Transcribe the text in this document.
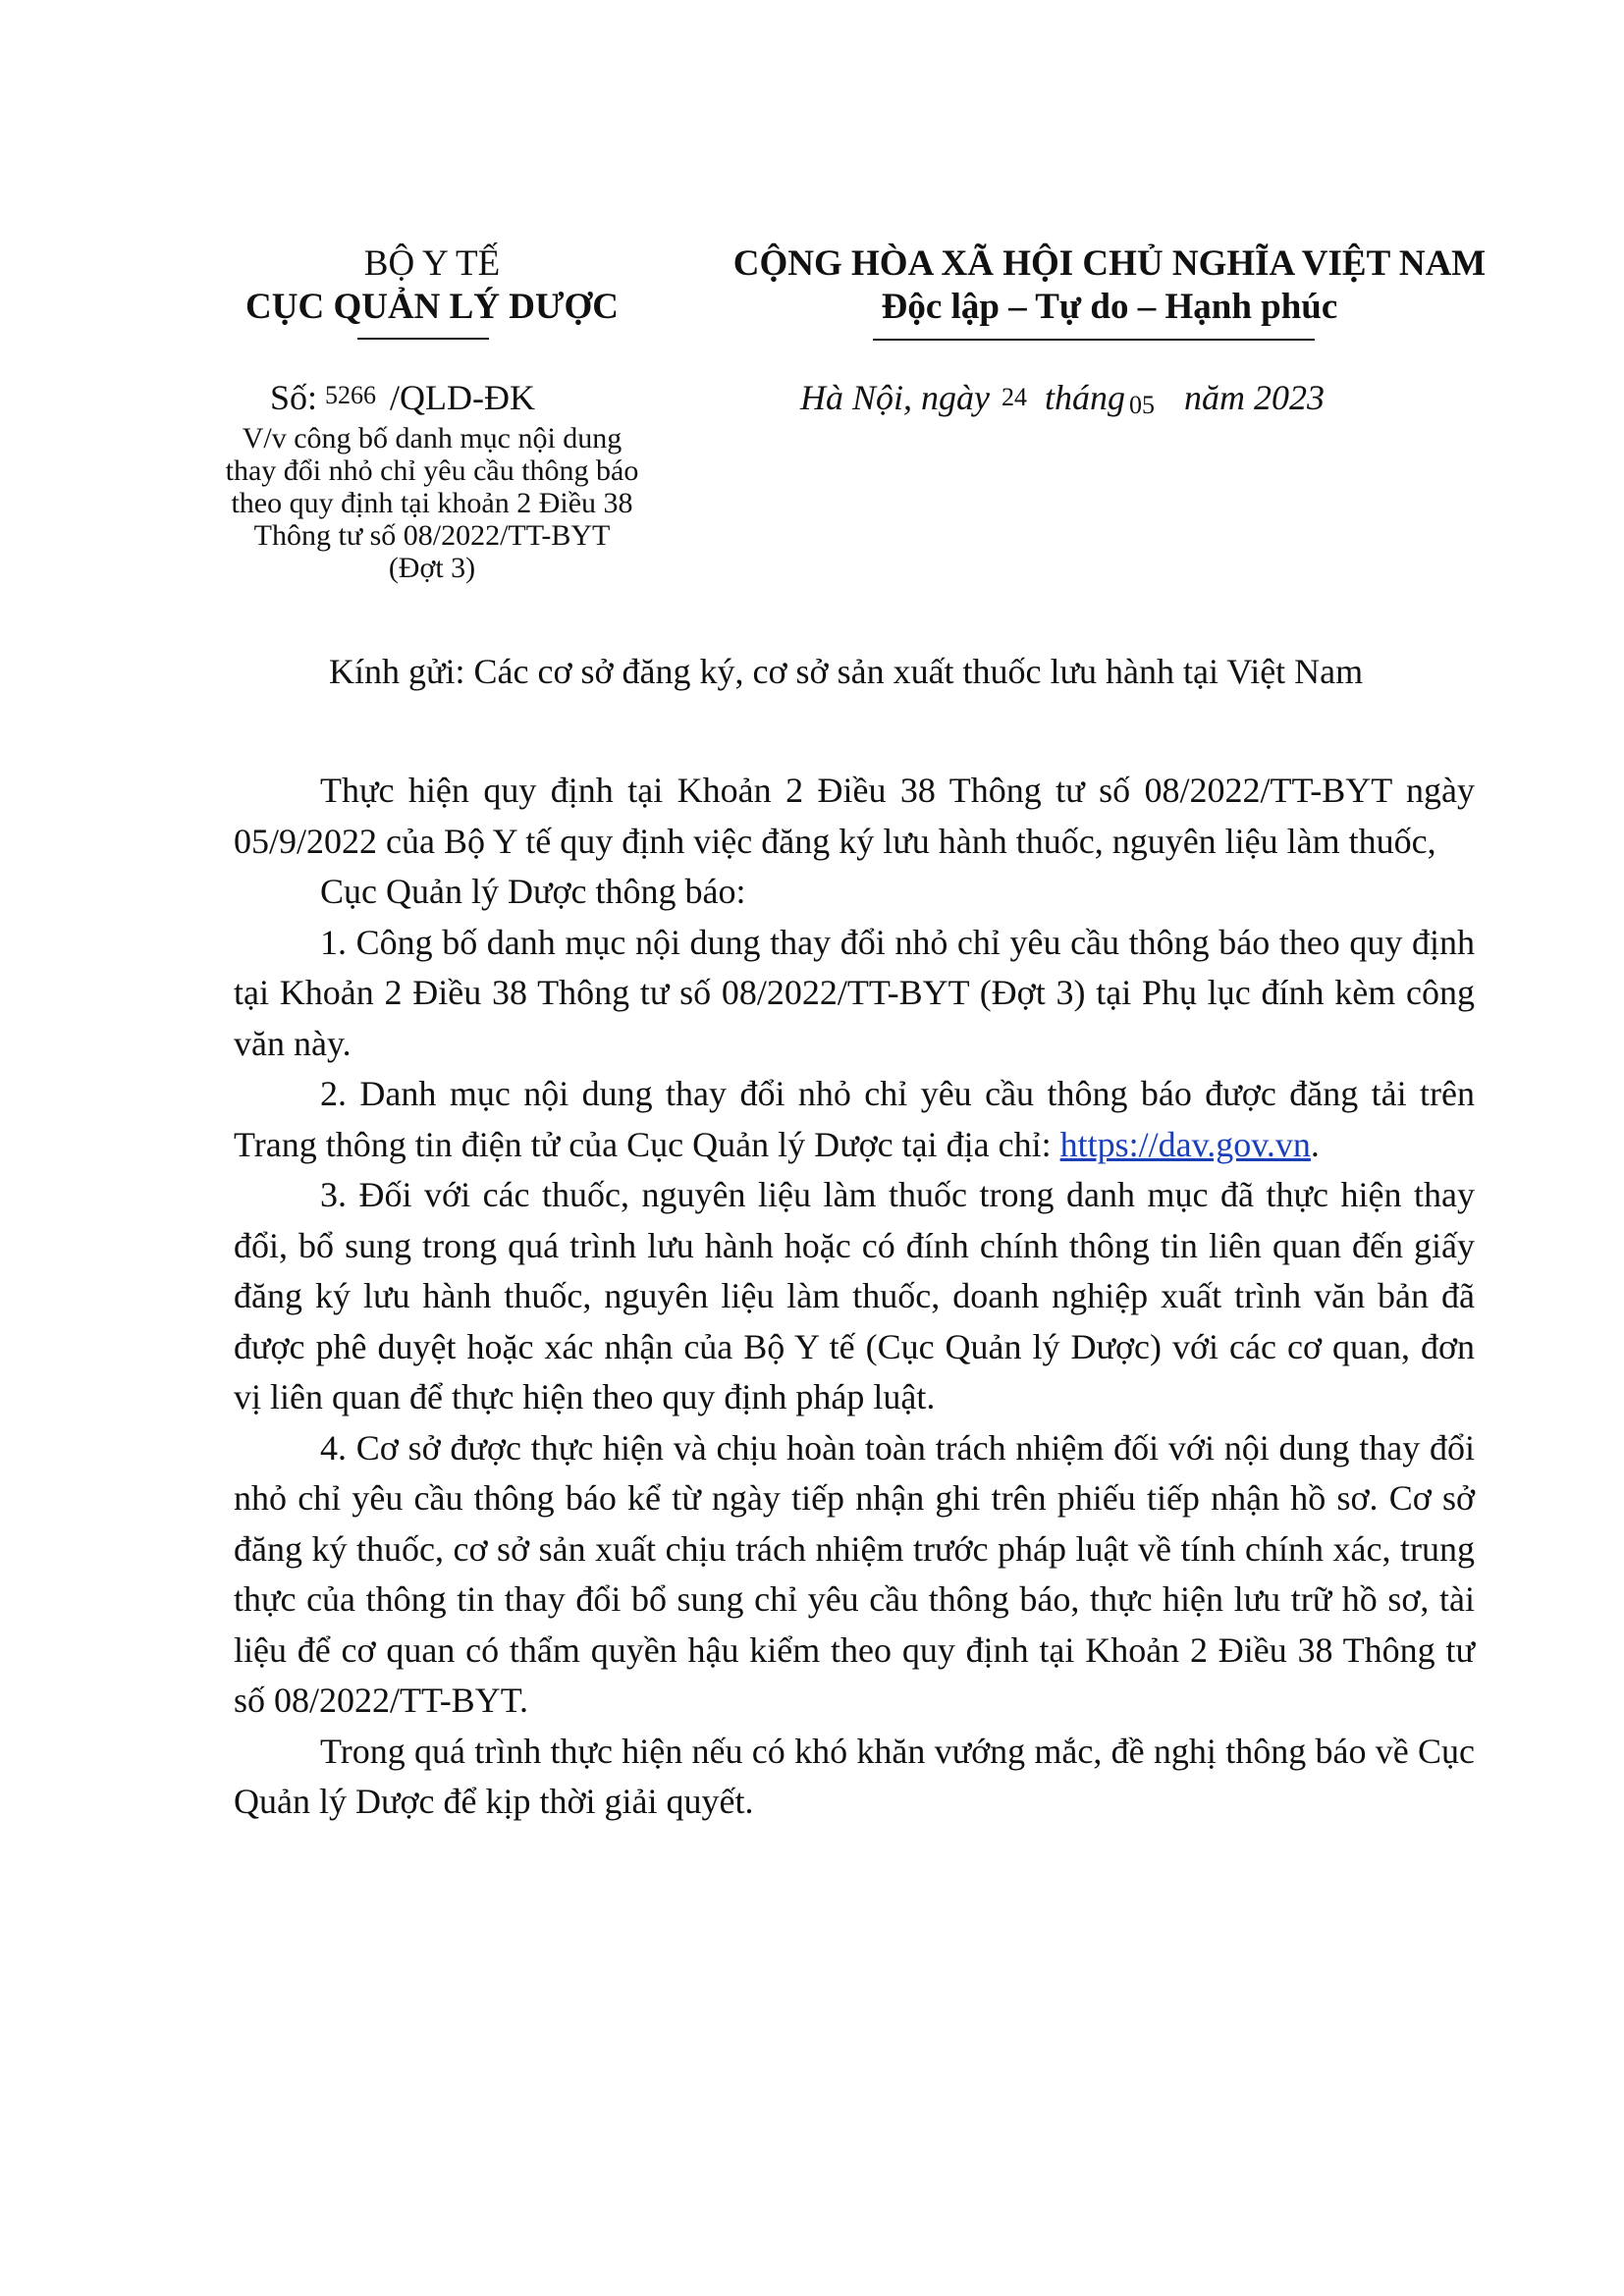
BỘ Y TẾ
CỤC QUẢN LÝ DƯỢC
CỘNG HÒA XÃ HỘI CHỦ NGHĨA VIỆT NAM
Độc lập – Tự do – Hạnh phúc
Số: 5266 /QLD-ĐK
V/v công bố danh mục nội dung
thay đổi nhỏ chỉ yêu cầu thông báo
theo quy định tại khoản 2 Điều 38
Thông tư số 08/2022/TT-BYT
(Đợt 3)
Hà Nội, ngày 24 tháng 05 năm 2023
Kính gửi: Các cơ sở đăng ký, cơ sở sản xuất thuốc lưu hành tại Việt Nam

Thực hiện quy định tại Khoản 2 Điều 38 Thông tư số 08/2022/TT-BYT ngày 05/9/2022 của Bộ Y tế quy định việc đăng ký lưu hành thuốc, nguyên liệu làm thuốc,

Cục Quản lý Dược thông báo:

1. Công bố danh mục nội dung thay đổi nhỏ chỉ yêu cầu thông báo theo quy định tại Khoản 2 Điều 38 Thông tư số 08/2022/TT-BYT (Đợt 3) tại Phụ lục đính kèm công văn này.

2. Danh mục nội dung thay đổi nhỏ chỉ yêu cầu thông báo được đăng tải trên Trang thông tin điện tử của Cục Quản lý Dược tại địa chỉ: https://dav.gov.vn.

3. Đối với các thuốc, nguyên liệu làm thuốc trong danh mục đã thực hiện thay đổi, bổ sung trong quá trình lưu hành hoặc có đính chính thông tin liên quan đến giấy đăng ký lưu hành thuốc, nguyên liệu làm thuốc, doanh nghiệp xuất trình văn bản đã được phê duyệt hoặc xác nhận của Bộ Y tế (Cục Quản lý Dược) với các cơ quan, đơn vị liên quan để thực hiện theo quy định pháp luật.

4. Cơ sở được thực hiện và chịu hoàn toàn trách nhiệm đối với nội dung thay đổi nhỏ chỉ yêu cầu thông báo kể từ ngày tiếp nhận ghi trên phiếu tiếp nhận hồ sơ. Cơ sở đăng ký thuốc, cơ sở sản xuất chịu trách nhiệm trước pháp luật về tính chính xác, trung thực của thông tin thay đổi bổ sung chỉ yêu cầu thông báo, thực hiện lưu trữ hồ sơ, tài liệu để cơ quan có thẩm quyền hậu kiểm theo quy định tại Khoản 2 Điều 38 Thông tư số 08/2022/TT-BYT.

Trong quá trình thực hiện nếu có khó khăn vướng mắc, đề nghị thông báo về Cục Quản lý Dược để kịp thời giải quyết.
